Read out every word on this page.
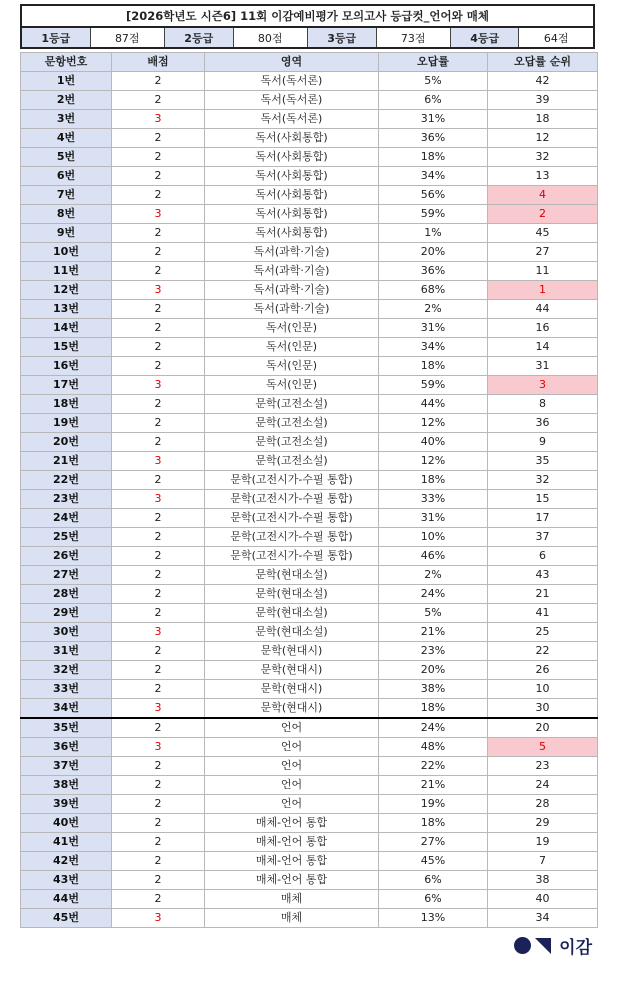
[2026학년도 시즌6] 11회 이감예비평가 모의고사 등급컷_언어와 매체
1등급	87점	2등급	80점	3등급	73점	4등급	64점
문항번호	배점	영역	오답률	오답률 순위
1번	2	독서(독서론)	5%	42
2번	2	독서(독서론)	6%	39
3번	3	독서(독서론)	31%	18
4번	2	독서(사회통합)	36%	12
5번	2	독서(사회통합)	18%	32
6번	2	독서(사회통합)	34%	13
7번	2	독서(사회통합)	56%	4
8번	3	독서(사회통합)	59%	2
9번	2	독서(사회통합)	1%	45
10번	2	독서(과학·기술)	20%	27
11번	2	독서(과학·기술)	36%	11
12번	3	독서(과학·기술)	68%	1
13번	2	독서(과학·기술)	2%	44
14번	2	독서(인문)	31%	16
15번	2	독서(인문)	34%	14
16번	2	독서(인문)	18%	31
17번	3	독서(인문)	59%	3
18번	2	문학(고전소설)	44%	8
19번	2	문학(고전소설)	12%	36
20번	2	문학(고전소설)	40%	9
21번	3	문학(고전소설)	12%	35
22번	2	문학(고전시가-수필 통합)	18%	32
23번	3	문학(고전시가-수필 통합)	33%	15
24번	2	문학(고전시가-수필 통합)	31%	17
25번	2	문학(고전시가-수필 통합)	10%	37
26번	2	문학(고전시가-수필 통합)	46%	6
27번	2	문학(현대소설)	2%	43
28번	2	문학(현대소설)	24%	21
29번	2	문학(현대소설)	5%	41
30번	3	문학(현대소설)	21%	25
31번	2	문학(현대시)	23%	22
32번	2	문학(현대시)	20%	26
33번	2	문학(현대시)	38%	10
34번	3	문학(현대시)	18%	30
35번	2	언어	24%	20
36번	3	언어	48%	5
37번	2	언어	22%	23
38번	2	언어	21%	24
39번	2	언어	19%	28
40번	2	매체-언어 통합	18%	29
41번	2	매체-언어 통합	27%	19
42번	2	매체-언어 통합	45%	7
43번	2	매체-언어 통합	6%	38
44번	2	매체	6%	40
45번	3	매체	13%	34
이감
